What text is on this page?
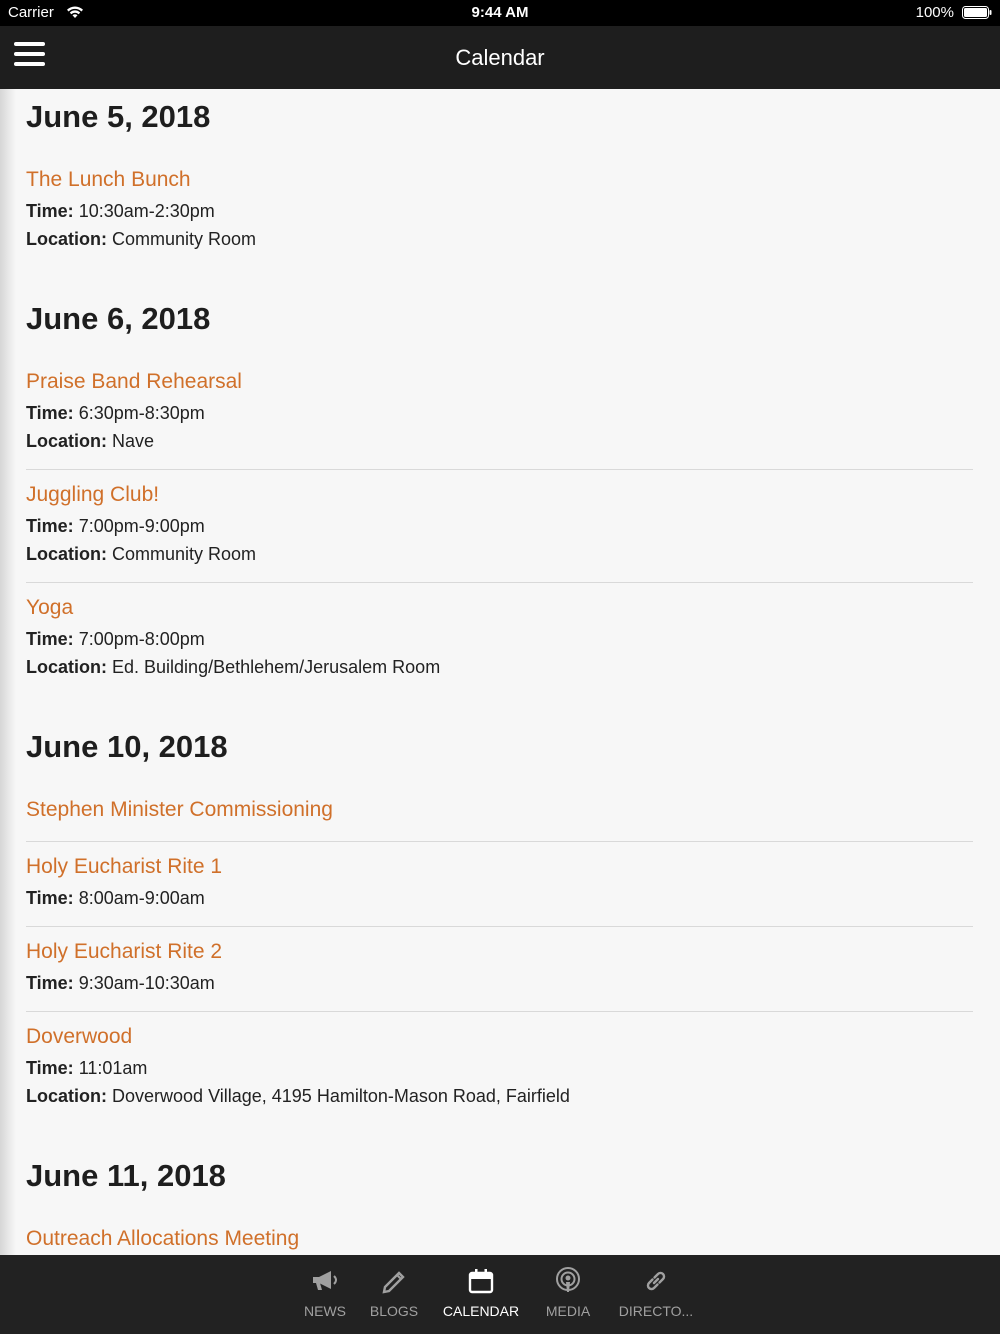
Carrier	9:44 AM	100%
Calendar
June 5, 2018
The Lunch Bunch
Time: 10:30am-2:30pm
Location: Community Room
June 6, 2018
Praise Band Rehearsal
Time: 6:30pm-8:30pm
Location: Nave
Juggling Club!
Time: 7:00pm-9:00pm
Location: Community Room
Yoga
Time: 7:00pm-8:00pm
Location: Ed. Building/Bethlehem/Jerusalem Room
June 10, 2018
Stephen Minister Commissioning
Holy Eucharist Rite 1
Time: 8:00am-9:00am
Holy Eucharist Rite 2
Time: 9:30am-10:30am
Doverwood
Time: 11:01am
Location: Doverwood Village, 4195 Hamilton-Mason Road, Fairfield
June 11, 2018
Outreach Allocations Meeting
NEWS	BLOGS	CALENDAR	MEDIA	DIRECTO...
